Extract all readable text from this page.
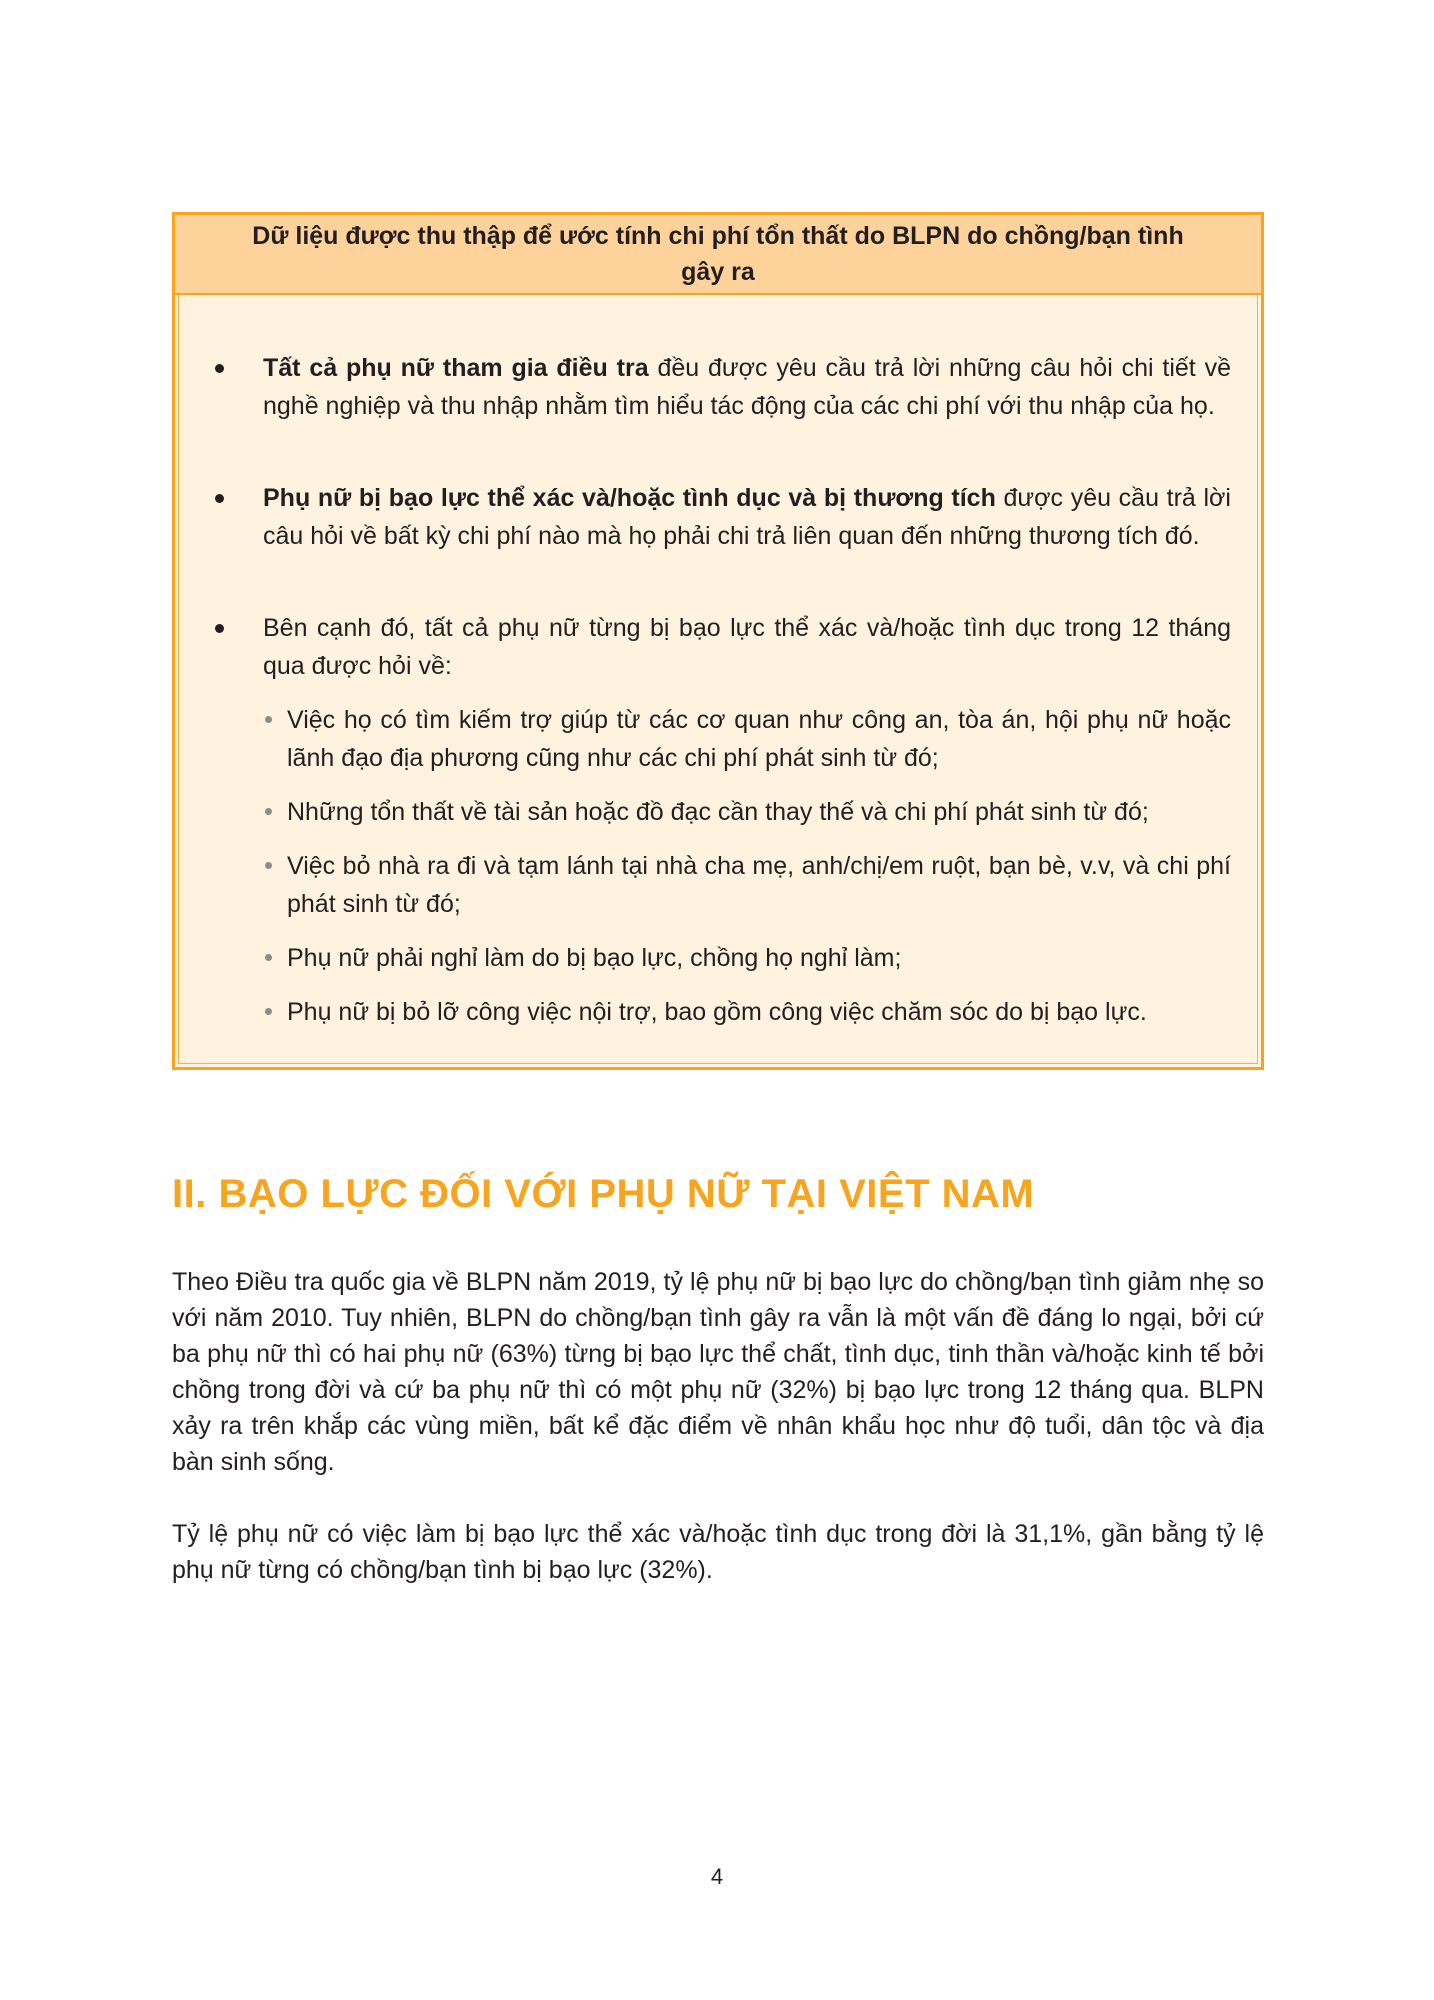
Dữ liệu được thu thập để ước tính chi phí tổn thất do BLPN do chồng/bạn tình gây ra
Tất cả phụ nữ tham gia điều tra đều được yêu cầu trả lời những câu hỏi chi tiết về nghề nghiệp và thu nhập nhằm tìm hiểu tác động của các chi phí với thu nhập của họ.
Phụ nữ bị bạo lực thể xác và/hoặc tình dục và bị thương tích được yêu cầu trả lời câu hỏi về bất kỳ chi phí nào mà họ phải chi trả liên quan đến những thương tích đó.
Bên cạnh đó, tất cả phụ nữ từng bị bạo lực thể xác và/hoặc tình dục trong 12 tháng qua được hỏi về:
Việc họ có tìm kiếm trợ giúp từ các cơ quan như công an, tòa án, hội phụ nữ hoặc lãnh đạo địa phương cũng như các chi phí phát sinh từ đó;
Những tổn thất về tài sản hoặc đồ đạc cần thay thế và chi phí phát sinh từ đó;
Việc bỏ nhà ra đi và tạm lánh tại nhà cha mẹ, anh/chị/em ruột, bạn bè, v.v, và chi phí phát sinh từ đó;
Phụ nữ phải nghỉ làm do bị bạo lực, chồng họ nghỉ làm;
Phụ nữ bị bỏ lỡ công việc nội trợ, bao gồm công việc chăm sóc do bị bạo lực.
II. BẠO LỰC ĐỐI VỚI PHỤ NỮ TẠI VIỆT NAM
Theo Điều tra quốc gia về BLPN năm 2019, tỷ lệ phụ nữ bị bạo lực do chồng/bạn tình giảm nhẹ so với năm 2010. Tuy nhiên, BLPN do chồng/bạn tình gây ra vẫn là một vấn đề đáng lo ngại, bởi cứ ba phụ nữ thì có hai phụ nữ (63%) từng bị bạo lực thể chất, tình dục, tinh thần và/hoặc kinh tế bởi chồng trong đời và cứ ba phụ nữ thì có một phụ nữ (32%) bị bạo lực trong 12 tháng qua. BLPN xảy ra trên khắp các vùng miền, bất kể đặc điểm về nhân khẩu học như độ tuổi, dân tộc và địa bàn sinh sống.
Tỷ lệ phụ nữ có việc làm bị bạo lực thể xác và/hoặc tình dục trong đời là 31,1%, gần bằng tỷ lệ phụ nữ từng có chồng/bạn tình bị bạo lực (32%).
4
